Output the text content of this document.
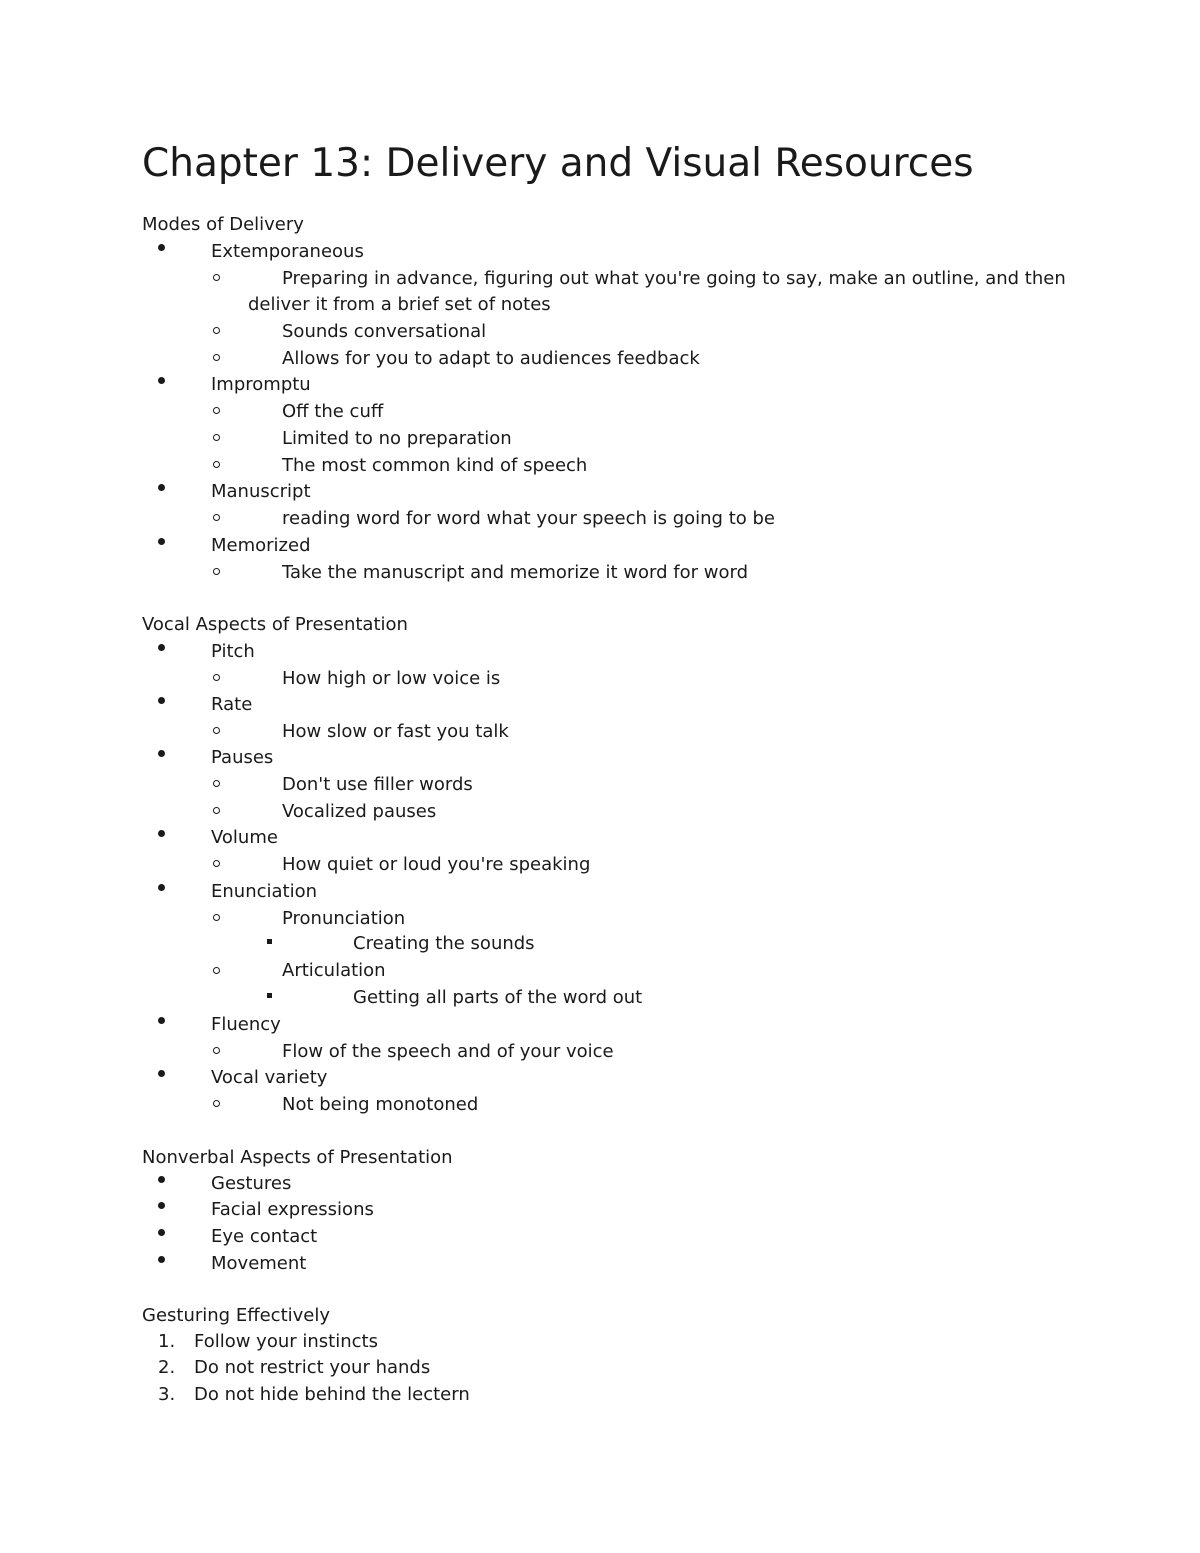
Chapter 13: Delivery and Visual Resources
Modes of Delivery
Extemporaneous
Preparing in advance, figuring out what you're going to say, make an outline, and then
deliver it from a brief set of notes
Sounds conversational
Allows for you to adapt to audiences feedback
Impromptu
Off the cuff
Limited to no preparation
The most common kind of speech
Manuscript
reading word for word what your speech is going to be
Memorized
Take the manuscript and memorize it word for word
Vocal Aspects of Presentation
Pitch
How high or low voice is
Rate
How slow or fast you talk
Pauses
Don't use filler words
Vocalized pauses
Volume
How quiet or loud you're speaking
Enunciation
Pronunciation
Creating the sounds
Articulation
Getting all parts of the word out
Fluency
Flow of the speech and of your voice
Vocal variety
Not being monotoned
Nonverbal Aspects of Presentation
Gestures
Facial expressions
Eye contact
Movement
Gesturing Effectively
1. Follow your instincts
2. Do not restrict your hands
3. Do not hide behind the lectern
